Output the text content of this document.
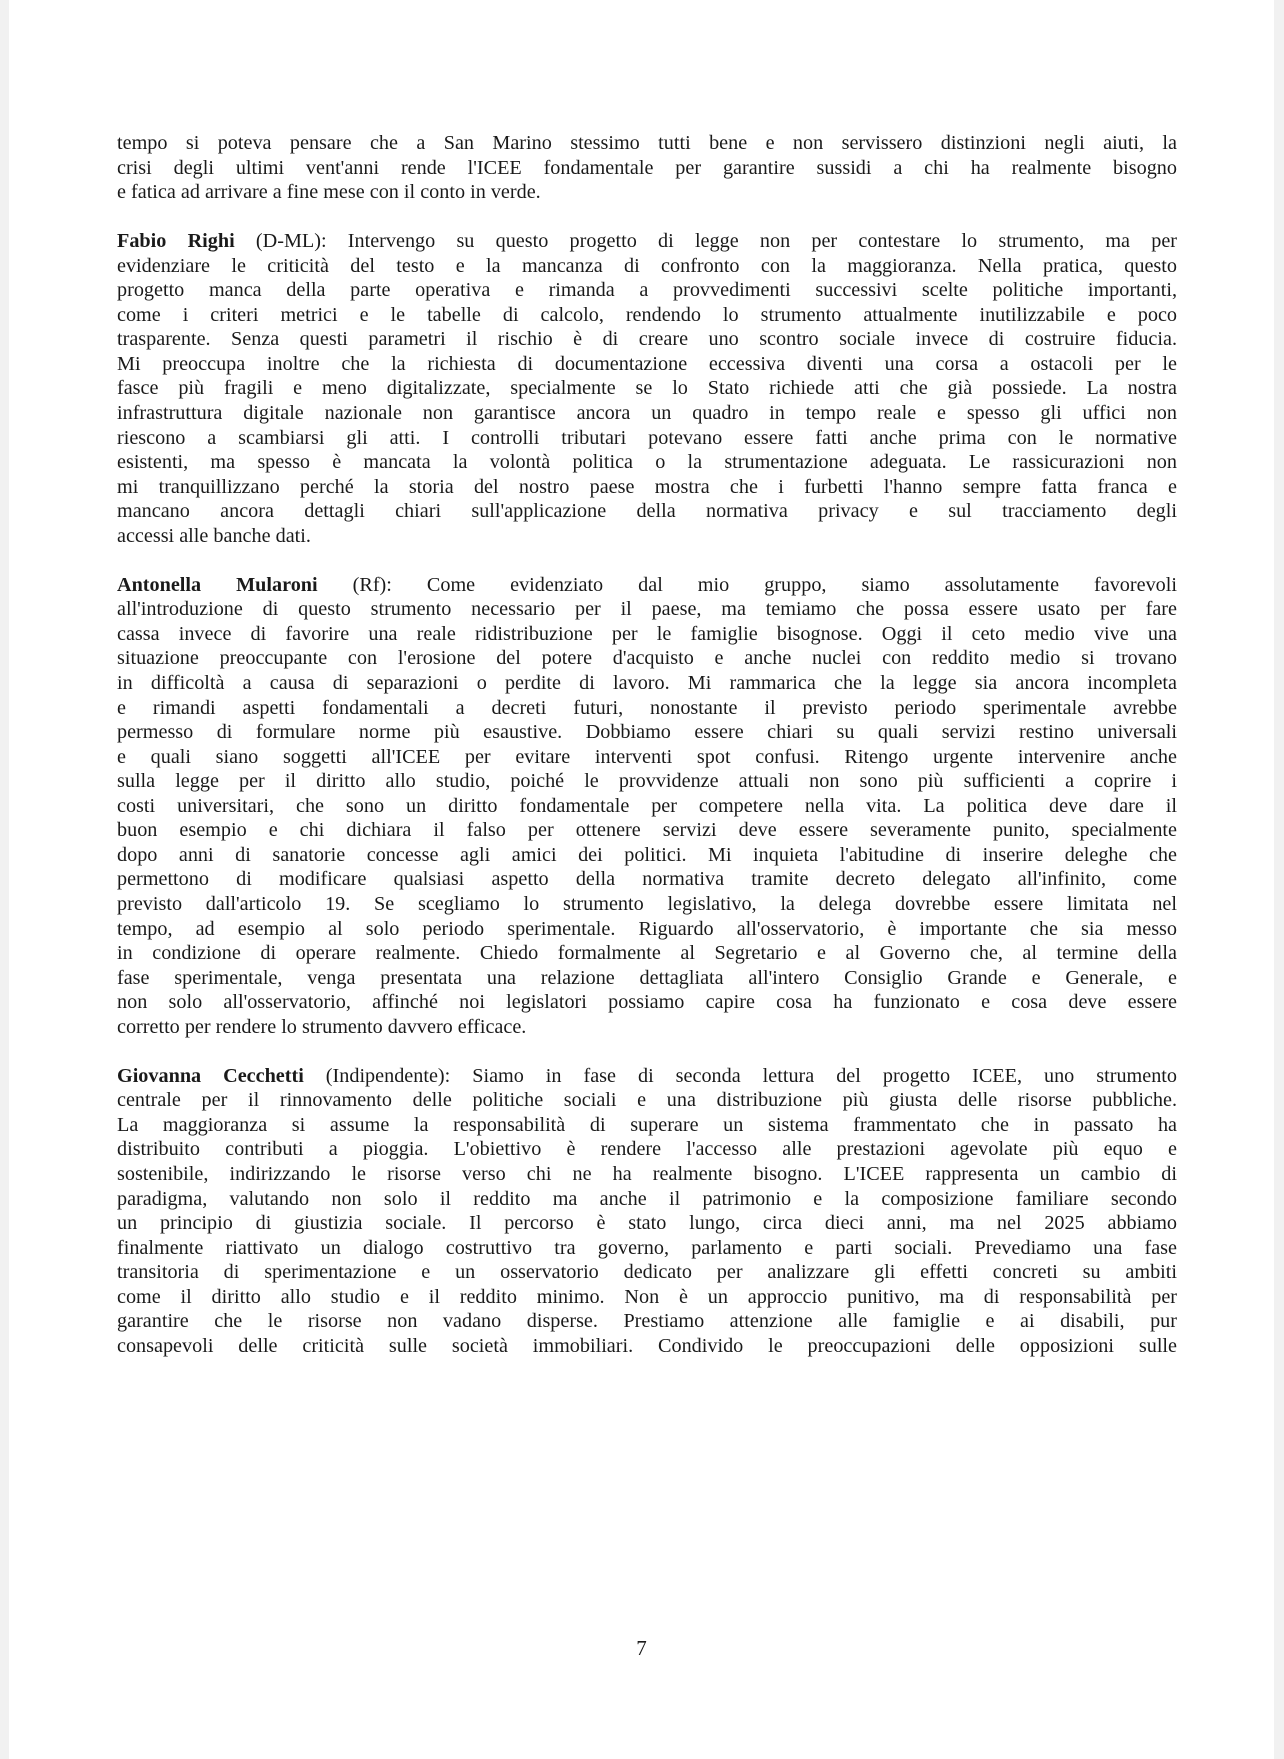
tempo si poteva pensare che a San Marino stessimo tutti bene e non servissero distinzioni negli aiuti, la
crisi degli ultimi vent'anni rende l'ICEE fondamentale per garantire sussidi a chi ha realmente bisogno
e fatica ad arrivare a fine mese con il conto in verde.
Fabio Righi (D-ML): Intervengo su questo progetto di legge non per contestare lo strumento, ma per
evidenziare le criticità del testo e la mancanza di confronto con la maggioranza. Nella pratica, questo
progetto manca della parte operativa e rimanda a provvedimenti successivi scelte politiche importanti,
come i criteri metrici e le tabelle di calcolo, rendendo lo strumento attualmente inutilizzabile e poco
trasparente. Senza questi parametri il rischio è di creare uno scontro sociale invece di costruire fiducia.
Mi preoccupa inoltre che la richiesta di documentazione eccessiva diventi una corsa a ostacoli per le
fasce più fragili e meno digitalizzate, specialmente se lo Stato richiede atti che già possiede. La nostra
infrastruttura digitale nazionale non garantisce ancora un quadro in tempo reale e spesso gli uffici non
riescono a scambiarsi gli atti. I controlli tributari potevano essere fatti anche prima con le normative
esistenti, ma spesso è mancata la volontà politica o la strumentazione adeguata. Le rassicurazioni non
mi tranquillizzano perché la storia del nostro paese mostra che i furbetti l'hanno sempre fatta franca e
mancano ancora dettagli chiari sull'applicazione della normativa privacy e sul tracciamento degli
accessi alle banche dati.
Antonella Mularoni (Rf): Come evidenziato dal mio gruppo, siamo assolutamente favorevoli
all'introduzione di questo strumento necessario per il paese, ma temiamo che possa essere usato per fare
cassa invece di favorire una reale ridistribuzione per le famiglie bisognose. Oggi il ceto medio vive una
situazione preoccupante con l'erosione del potere d'acquisto e anche nuclei con reddito medio si trovano
in difficoltà a causa di separazioni o perdite di lavoro. Mi rammarica che la legge sia ancora incompleta
e rimandi aspetti fondamentali a decreti futuri, nonostante il previsto periodo sperimentale avrebbe
permesso di formulare norme più esaustive. Dobbiamo essere chiari su quali servizi restino universali
e quali siano soggetti all'ICEE per evitare interventi spot confusi. Ritengo urgente intervenire anche
sulla legge per il diritto allo studio, poiché le provvidenze attuali non sono più sufficienti a coprire i
costi universitari, che sono un diritto fondamentale per competere nella vita. La politica deve dare il
buon esempio e chi dichiara il falso per ottenere servizi deve essere severamente punito, specialmente
dopo anni di sanatorie concesse agli amici dei politici. Mi inquieta l'abitudine di inserire deleghe che
permettono di modificare qualsiasi aspetto della normativa tramite decreto delegato all'infinito, come
previsto dall'articolo 19. Se scegliamo lo strumento legislativo, la delega dovrebbe essere limitata nel
tempo, ad esempio al solo periodo sperimentale. Riguardo all'osservatorio, è importante che sia messo
in condizione di operare realmente. Chiedo formalmente al Segretario e al Governo che, al termine della
fase sperimentale, venga presentata una relazione dettagliata all'intero Consiglio Grande e Generale, e
non solo all'osservatorio, affinché noi legislatori possiamo capire cosa ha funzionato e cosa deve essere
corretto per rendere lo strumento davvero efficace.
Giovanna Cecchetti (Indipendente): Siamo in fase di seconda lettura del progetto ICEE, uno strumento
centrale per il rinnovamento delle politiche sociali e una distribuzione più giusta delle risorse pubbliche.
La maggioranza si assume la responsabilità di superare un sistema frammentato che in passato ha
distribuito contributi a pioggia. L'obiettivo è rendere l'accesso alle prestazioni agevolate più equo e
sostenibile, indirizzando le risorse verso chi ne ha realmente bisogno. L'ICEE rappresenta un cambio di
paradigma, valutando non solo il reddito ma anche il patrimonio e la composizione familiare secondo
un principio di giustizia sociale. Il percorso è stato lungo, circa dieci anni, ma nel 2025 abbiamo
finalmente riattivato un dialogo costruttivo tra governo, parlamento e parti sociali. Prevediamo una fase
transitoria di sperimentazione e un osservatorio dedicato per analizzare gli effetti concreti su ambiti
come il diritto allo studio e il reddito minimo. Non è un approccio punitivo, ma di responsabilità per
garantire che le risorse non vadano disperse. Prestiamo attenzione alle famiglie e ai disabili, pur
consapevoli delle criticità sulle società immobiliari. Condivido le preoccupazioni delle opposizioni sulle
7
